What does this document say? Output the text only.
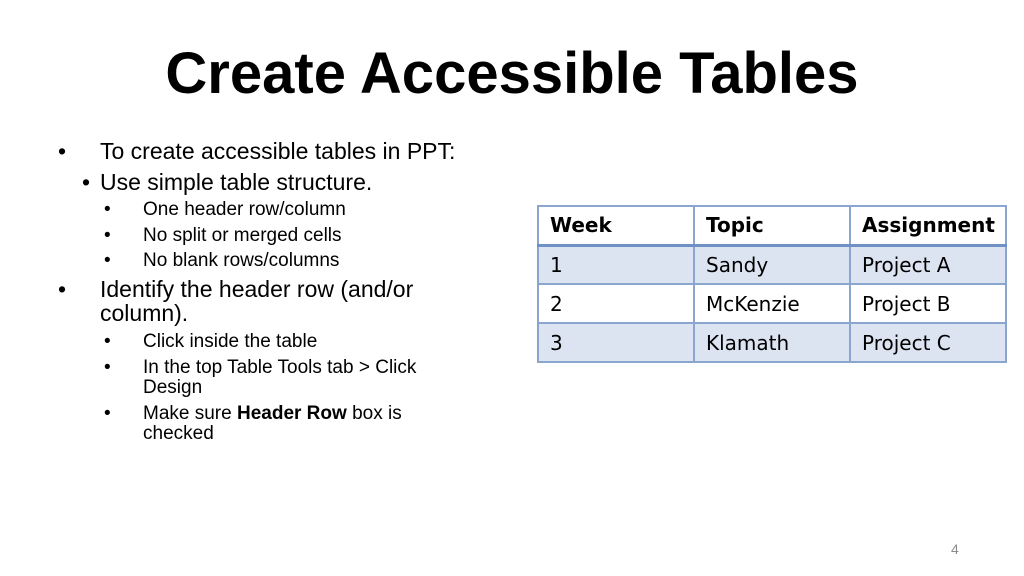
Create Accessible Tables
• To create accessible tables in PPT:
• Use simple table structure.
• One header row/column
• No split or merged cells
• No blank rows/columns
• Identify the header row (and/or
column).
• Click inside the table
• In the top Table Tools tab > Click
Design
• Make sure Header Row box is
checked
Week	Topic	Assignment
1	Sandy	Project A
2	McKenzie	Project B
3	Klamath	Project C
4
